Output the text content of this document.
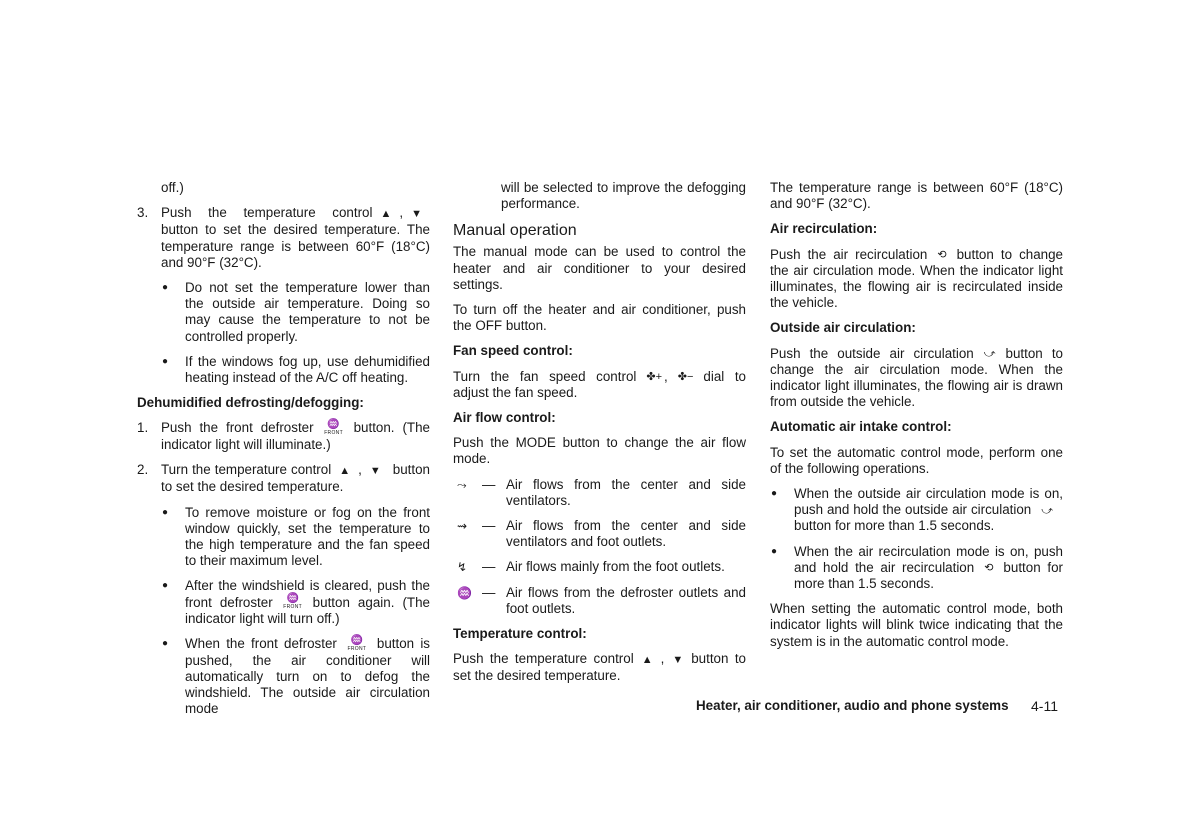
off.)

3. Push the temperature control ▲ , ▼ button to set the desired temperature. The temperature range is between 60°F (18°C) and 90°F (32°C).
● Do not set the temperature lower than the outside air temperature. Doing so may cause the temperature to not be controlled properly.
● If the windows fog up, use dehumidified heating instead of the A/C off heating.
Dehumidified defrosting/defogging:
1. Push the front defroster	♒
FRONT button. (The indicator light will illuminate.)
2. Turn the temperature control ▲ , ▼ button to set the desired temperature.
● To remove moisture or fog on the front window quickly, set the temperature to the high temperature and the fan speed to their maximum level.
● After the windshield is cleared, push the front defroster	♒
FRONT button again. (The indicator light will turn off.)
● When the front defroster	♒
FRONT button is pushed, the air conditioner will automatically turn on to defog the windshield. The outside air circulation mode

will be selected to improve the defogging performance.

Manual operation

The manual mode can be used to control the heater and air conditioner to your desired settings.

To turn off the heater and air conditioner, push the OFF button.

Fan speed control:

Turn the fan speed control ✤+ , ✤− dial to adjust the fan speed.

Air flow control:

Push the MODE button to change the air flow mode.

⤳ — Air flows from the center and side ventilators.
⇝ — Air flows from the center and side ventilators and foot outlets.
↯ — Air flows mainly from the foot outlets.
♒ — Air flows from the defroster outlets and foot outlets.
Temperature control:

Push the temperature control ▲ , ▼ button to set the desired temperature.

The temperature range is between 60°F (18°C) and 90°F (32°C).

Air recirculation:

Push the air recirculation ⟲ button to change the air circulation mode. When the indicator light illuminates, the flowing air is recirculated inside the vehicle.

Outside air circulation:

Push the outside air circulation ⤻ button to change the air circulation mode. When the indicator light illuminates, the flowing air is drawn from outside the vehicle.

Automatic air intake control:

To set the automatic control mode, perform one of the following operations.

● When the outside air circulation mode is on, push and hold the outside air circulation ⤻button for more than 1.5 seconds.
● When the air recirculation mode is on, push and hold the air recirculation ⟲ button for more than 1.5 seconds.

When setting the automatic control mode, both indicator lights will blink twice indicating that the system is in the automatic control mode.

Heater, air conditioner, audio and phone systems 4-11
